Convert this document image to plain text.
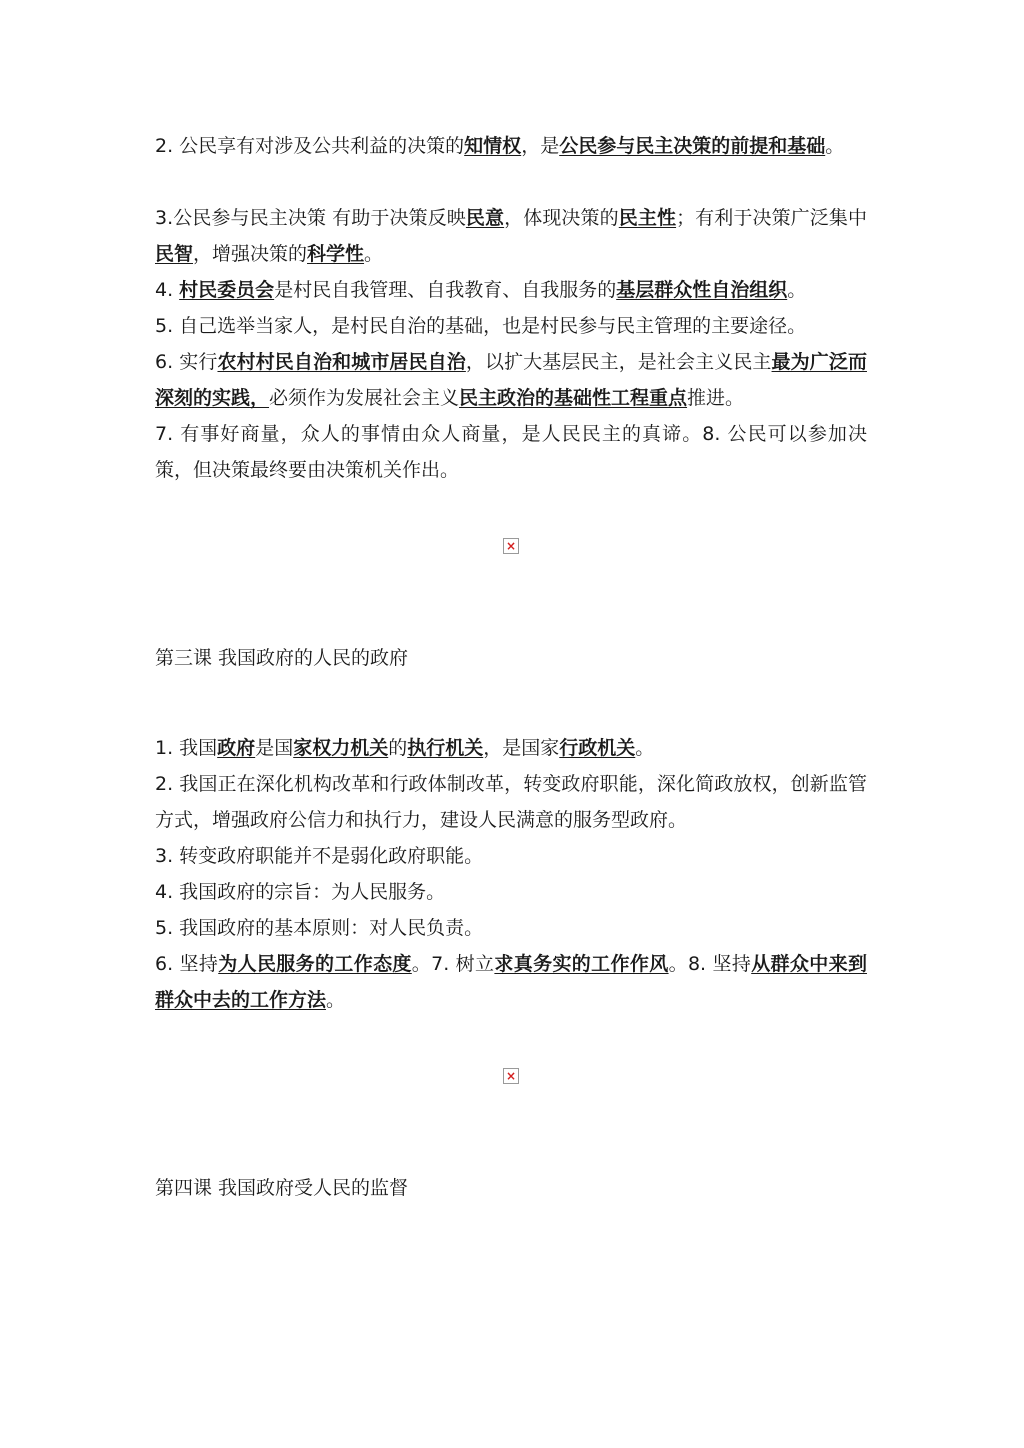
2. 公民享有对涉及公共利益的决策的知情权，是公民参与民主决策的前提和基础。

3.公民参与民主决策 有助于决策反映民意，体现决策的民主性；有利于决策广泛集中民智，增强决策的科学性。

4. 村民委员会是村民自我管理、自我教育、自我服务的基层群众性自治组织。

5. 自己选举当家人，是村民自治的基础，也是村民参与民主管理的主要途径。

6. 实行农村村民自治和城市居民自治，以扩大基层民主，是社会主义民主最为广泛而深刻的实践，必须作为发展社会主义民主政治的基础性工程重点推进。

7. 有事好商量，众人的事情由众人商量，是人民民主的真谛。8. 公民可以参加决策，但决策最终要由决策机关作出。

×
第三课 我国政府的人民的政府

1. 我国政府是国家权力机关的执行机关，是国家行政机关。

2. 我国正在深化机构改革和行政体制改革，转变政府职能，深化简政放权，创新监管方式，增强政府公信力和执行力，建设人民满意的服务型政府。

3. 转变政府职能并不是弱化政府职能。

4. 我国政府的宗旨：为人民服务。

5. 我国政府的基本原则：对人民负责。

6. 坚持为人民服务的工作态度。7. 树立求真务实的工作作风。8. 坚持从群众中来到群众中去的工作方法。

×
第四课 我国政府受人民的监督
